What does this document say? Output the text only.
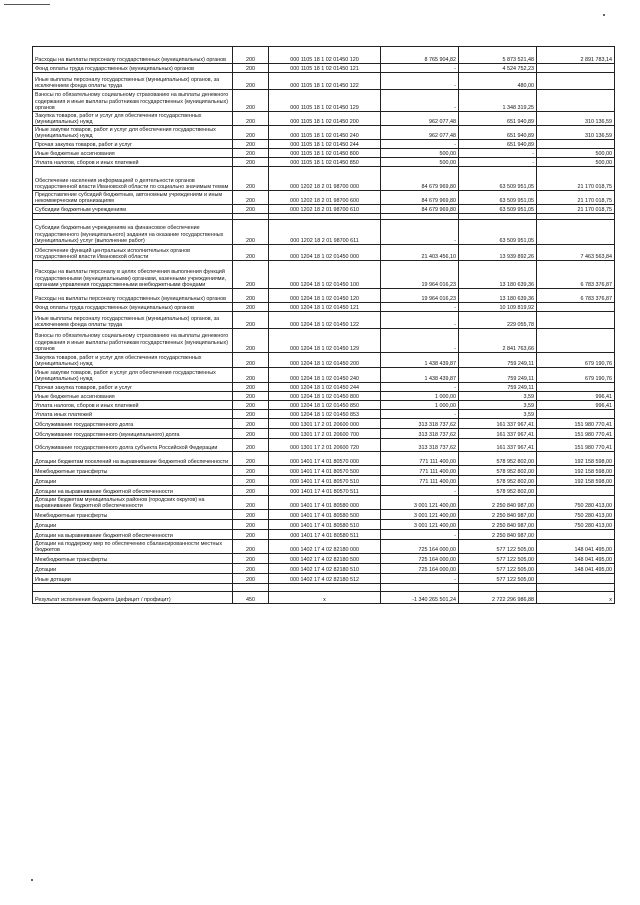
Расходы на выплаты персоналу государственных (муниципальных) органов	200	000 1105 18 1 02 01450 120	8 765 904,82	5 873 521,48	2 891 783,14
Фонд оплаты труда государственных (муниципальных) органов	200	000 1105 18 1 02 01450 121	-	4 524 752,23	
Иные выплаты персоналу государственных (муниципальных) органов, за исключением фонда оплаты труда	200	000 1105 18 1 02 01450 122	-	480,00	
Взносы по обязательному социальному страхованию на выплаты денежного содержания и иные выплаты работникам государственных (муниципальных) органов	200	000 1105 18 1 02 01450 129	-	1 348 319,25	
Закупка товаров, работ и услуг для обеспечения государственных (муниципальных) нужд	200	000 1105 18 1 02 01450 200	962 077,48	651 940,89	310 136,59
Иные закупки товаров, работ и услуг для обеспечения государственных (муниципальных) нужд	200	000 1105 18 1 02 01450 240	962 077,48	651 940,89	310 136,59
Прочая закупка товаров, работ и услуг	200	000 1105 18 1 02 01450 244	-	651 940,89	
Иные бюджетные ассигнования	200	000 1105 18 1 02 01450 800	500,00	-	500,00
Уплата налогов, сборов и иных платежей	200	000 1105 18 1 02 01450 850	500,00	-	500,00
Обеспечение населения информацией о деятельности органов государственной власти Ивановской области по социально значимым темам	200	000 1202 18 2 01 98700 000	84 679 969,80	63 509 951,05	21 170 018,75
Предоставление субсидий бюджетным, автономным учреждениям и иным некоммерческим организациям	200	000 1202 18 2 01 98700 600	84 679 969,80	63 509 951,05	21 170 018,75
Субсидии бюджетным учреждениям	200	000 1202 18 2 01 98700 610	84 679 969,80	63 509 951,05	21 170 018,75

Субсидии бюджетным учреждениям на финансовое обеспечение государственного (муниципального) задания на оказание государственных (муниципальных) услуг (выполнение работ)	200	000 1202 18 2 01 98700 611	-	63 509 951,05	
Обеспечение функций центральных исполнительных органов государственной власти Ивановской области	200	000 1204 18 1 02 01450 000	21 403 456,10	13 939 892,26	7 463 563,84
Расходы на выплаты персоналу в целях обеспечения выполнения функций государственными (муниципальными) органами, казенными учреждениями, органами управления государственными внебюджетными фондами	200	000 1204 18 1 02 01450 100	19 964 016,23	13 180 639,36	6 783 376,87
Расходы на выплаты персоналу государственных (муниципальных) органов	200	000 1204 18 1 02 01450 120	19 964 016,23	13 180 639,36	6 783 376,87
Фонд оплаты труда государственных (муниципальных) органов	200	000 1204 18 1 02 01450 121	-	10 109 819,92	
Иные выплаты персоналу государственных (муниципальных) органов, за исключением фонда оплаты труда	200	000 1204 18 1 02 01450 122	-	229 055,78	
Взносы по обязательному социальному страхованию на выплаты денежного содержания и иные выплаты работникам государственных (муниципальных) органов	200	000 1204 18 1 02 01450 129	-	2 841 763,66	
Закупка товаров, работ и услуг для обеспечения государственных (муниципальных) нужд	200	000 1204 18 1 02 01450 200	1 438 439,87	759 249,11	679 190,76
Иные закупки товаров, работ и услуг для обеспечения государственных (муниципальных) нужд	200	000 1204 18 1 02 01450 240	1 438 439,87	759 249,11	679 190,76
Прочая закупка товаров, работ и услуг	200	000 1204 18 1 02 01450 244	-	759 249,11	
Иные бюджетные ассигнования	200	000 1204 18 1 02 01450 800	1 000,00	3,59	996,41
Уплата налогов, сборов и иных платежей	200	000 1204 18 1 02 01450 850	1 000,00	3,59	996,41
Уплата иных платежей	200	000 1204 18 1 02 01450 853	-	3,59	
Обслуживание государственного долга	200	000 1301 17 2 01 20600 000	313 318 737,62	161 337 967,41	151 980 770,41
Обслуживание государственного (муниципального) долга	200	000 1301 17 2 01 20600 700	313 318 737,62	161 337 967,41	151 980 770,41
Обслуживание государственного долга субъекта Российской Федерации	200	000 1301 17 2 01 20600 720	313 318 737,62	161 337 967,41	151 980 770,41
Дотации бюджетам поселений на выравнивание бюджетной обеспеченности	200	000 1401 17 4 01 80570 000	771 111 400,00	578 952 802,00	192 158 598,00
Межбюджетные трансферты	200	000 1401 17 4 01 80570 500	771 111 400,00	578 952 802,00	192 158 598,00
Дотации	200	000 1401 17 4 01 80570 510	771 111 400,00	578 952 802,00	192 158 598,00
Дотации на выравнивание бюджетной обеспеченности	200	000 1401 17 4 01 80570 511	-	578 952 802,00	
Дотации бюджетам муниципальных районов (городских округов) на выравнивание бюджетной обеспеченности	200	000 1401 17 4 01 80580 000	3 001 121 400,00	2 250 840 987,00	750 280 413,00
Межбюджетные трансферты	200	000 1401 17 4 01 80580 500	3 001 121 400,00	2 250 840 987,00	750 280 413,00
Дотации	200	000 1401 17 4 01 80580 510	3 001 121 400,00	2 250 840 987,00	750 280 413,00
Дотации на выравнивание бюджетной обеспеченности	200	000 1401 17 4 01 80580 511	-	2 250 840 987,00	
Дотации на поддержку мер по обеспечению сбалансированности местных бюджетов	200	000 1402 17 4 02 82180 000	725 164 000,00	577 122 505,00	148 041 495,00
Межбюджетные трансферты	200	000 1402 17 4 02 82180 500	725 164 000,00	577 122 505,00	148 041 495,00
Дотации	200	000 1402 17 4 02 82180 510	725 164 000,00	577 122 505,00	148 041 495,00
Иные дотации	200	000 1402 17 4 02 82180 512	-	577 122 505,00	

Результат исполнения бюджета (дефицит / профицит)	450	x	-1 340 265 501,24	2 722 296 986,88	x
